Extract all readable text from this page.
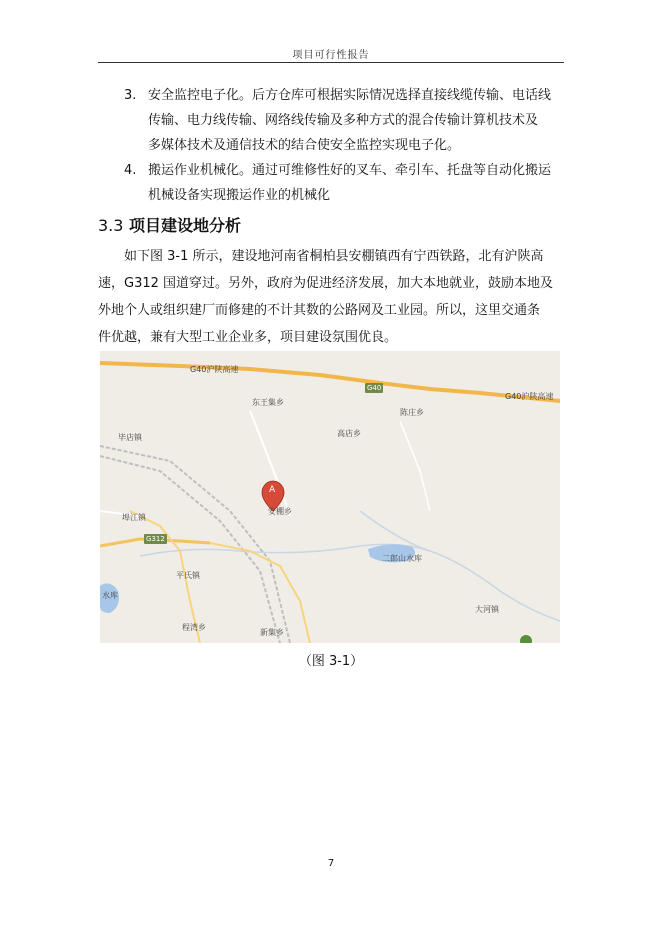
项目可行性报告
3. 安全监控电子化。后方仓库可根据实际情况选择直接线缆传输、电话线
传输、电力线传输、网络线传输及多种方式的混合传输计算机技术及
多媒体技术及通信技术的结合使安全监控实现电子化。
4. 搬运作业机械化。通过可维修性好的叉车、牵引车、托盘等自动化搬运
机械设备实现搬运作业的机械化
3.3 项目建设地分析
如下图 3-1 所示，建设地河南省桐柏县安棚镇西有宁西铁路，北有沪陕高
速，G312 国道穿过。另外，政府为促进经济发展，加大本地就业，鼓励本地及
外地个人或组织建厂而修建的不计其数的公路网及工业园。所以，这里交通条
件优越，兼有大型工业企业多，项目建设氛围优良。
A
G40沪陕高速
G40
G40沪陕高速
G312
东王集乡
陈庄乡
高店乡
毕店镇
安棚乡
埠江镇
二郎山水库
平氏镇
水库
程湾乡
新集乡
大河镇
（图 3-1）
7
